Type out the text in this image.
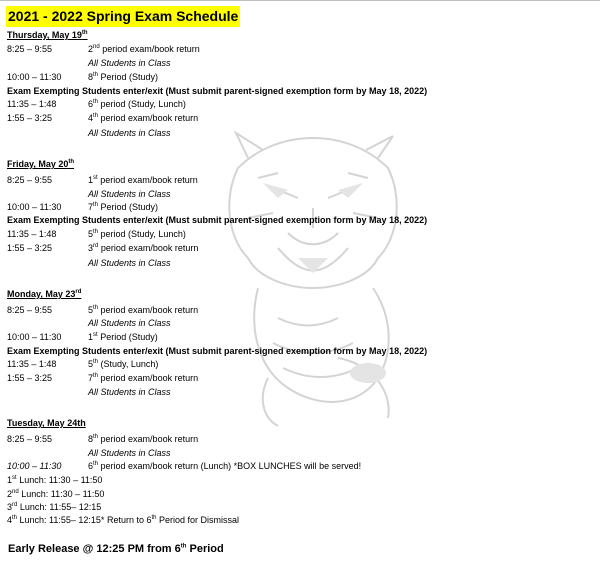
2021 - 2022 Spring Exam Schedule
Thursday, May 19th
8:25 – 9:55	2nd period exam/book return
All Students in Class
10:00 – 11:30	8th Period (Study)
Exam Exempting Students enter/exit (Must submit parent-signed exemption form by May 18, 2022)
11:35 – 1:48	6th period (Study, Lunch)
1:55 – 3:25	4th period exam/book return
All Students in Class
Friday, May 20th
8:25 – 9:55	1st period exam/book return
All Students in Class
10:00 – 11:30	7th Period (Study)
Exam Exempting Students enter/exit (Must submit parent-signed exemption form by May 18, 2022)
11:35 – 1:48	5th period (Study, Lunch)
1:55 – 3:25	3rd period exam/book return
All Students in Class
Monday, May 23rd
8:25 – 9:55	5th period exam/book return
All Students in Class
10:00 – 11:30	1st Period (Study)
Exam Exempting Students enter/exit (Must submit parent-signed exemption form by May 18, 2022)
11:35 – 1:48	5th (Study, Lunch)
1:55 – 3:25	7th period exam/book return
All Students in Class
Tuesday, May 24th
8:25 – 9:55	8th period exam/book return
All Students in Class
10:00 – 11:30	6th period exam/book return (Lunch) *BOX LUNCHES will be served!
1st Lunch: 11:30 – 11:50
2nd Lunch: 11:30 – 11:50
3rd Lunch: 11:55– 12:15
4th Lunch: 11:55– 12:15* Return to 6th Period for Dismissal
Early Release @ 12:25 PM from 6th Period
